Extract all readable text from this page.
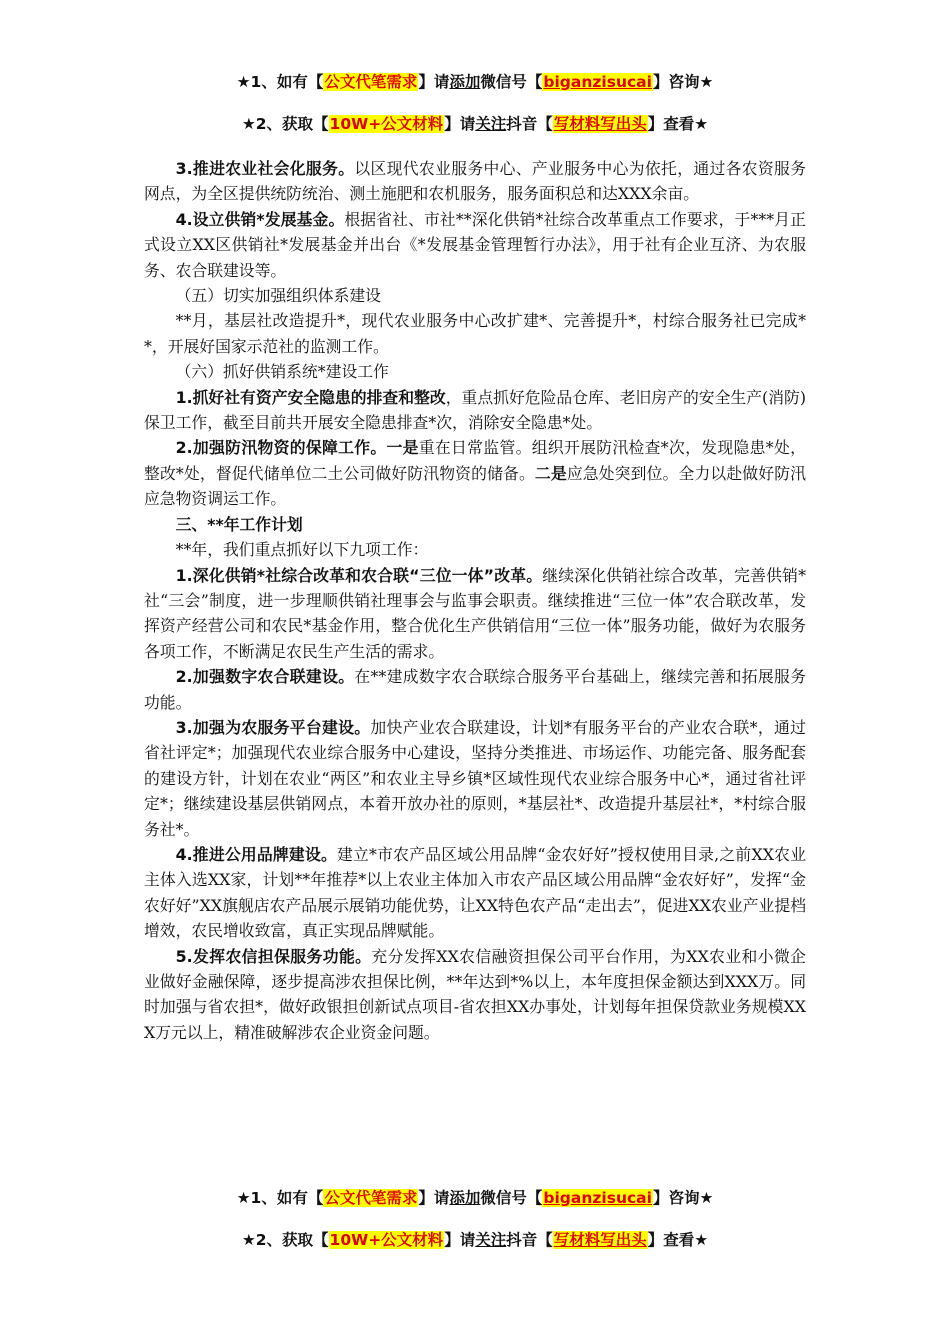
★1、如有【公文代笔需求】请添加微信号【biganzisucai】咨询★
★2、获取【10W+公文材料】请关注抖音【写材料写出头】查看★

3.推进农业社会化服务。以区现代农业服务中心、产业服务中心为依托，通过各农资服务网点，为全区提供统防统治、测土施肥和农机服务，服务面积总和达XXX余亩。

4.设立供销*发展基金。根据省社、市社**深化供销*社综合改革重点工作要求，于***月正式设立XX区供销社*发展基金并出台《*发展基金管理暂行办法》，用于社有企业互济、为农服务、农合联建设等。

（五）切实加强组织体系建设

**月，基层社改造提升*，现代农业服务中心改扩建*、完善提升*，村综合服务社已完成**，开展好国家示范社的监测工作。

（六）抓好供销系统*建设工作

1.抓好社有资产安全隐患的排查和整改，重点抓好危险品仓库、老旧房产的安全生产(消防)保卫工作，截至目前共开展安全隐患排查*次，消除安全隐患*处。

2.加强防汛物资的保障工作。一是重在日常监管。组织开展防汛检查*次，发现隐患*处，整改*处，督促代储单位二土公司做好防汛物资的储备。二是应急处突到位。全力以赴做好防汛应急物资调运工作。

三、**年工作计划

**年，我们重点抓好以下九项工作：

1.深化供销*社综合改革和农合联“三位一体”改革。继续深化供销社综合改革，完善供销*社“三会”制度，进一步理顺供销社理事会与监事会职责。继续推进“三位一体”农合联改革，发挥资产经营公司和农民*基金作用，整合优化生产供销信用“三位一体”服务功能，做好为农服务各项工作，不断满足农民生产生活的需求。

2.加强数字农合联建设。在**建成数字农合联综合服务平台基础上，继续完善和拓展服务功能。

3.加强为农服务平台建设。加快产业农合联建设，计划*有服务平台的产业农合联*，通过省社评定*；加强现代农业综合服务中心建设，坚持分类推进、市场运作、功能完备、服务配套的建设方针，计划在农业“两区”和农业主导乡镇*区域性现代农业综合服务中心*，通过省社评定*；继续建设基层供销网点，本着开放办社的原则，*基层社*、改造提升基层社*，*村综合服务社*。

4.推进公用品牌建设。建立*市农产品区域公用品牌“金农好好”授权使用目录,之前XX农业主体入选XX家，计划**年推荐*以上农业主体加入市农产品区域公用品牌“金农好好”，发挥“金农好好”XX旗舰店农产品展示展销功能优势，让XX特色农产品“走出去”，促进XX农业产业提档增效，农民增收致富，真正实现品牌赋能。

5.发挥农信担保服务功能。充分发挥XX农信融资担保公司平台作用，为XX农业和小微企业做好金融保障，逐步提高涉农担保比例，**年达到*%以上，本年度担保金额达到XXX万。同时加强与省农担*，做好政银担创新试点项目-省农担XX办事处，计划每年担保贷款业务规模XXX万元以上，精准破解涉农企业资金问题。

★1、如有【公文代笔需求】请添加微信号【biganzisucai】咨询★
★2、获取【10W+公文材料】请关注抖音【写材料写出头】查看★
